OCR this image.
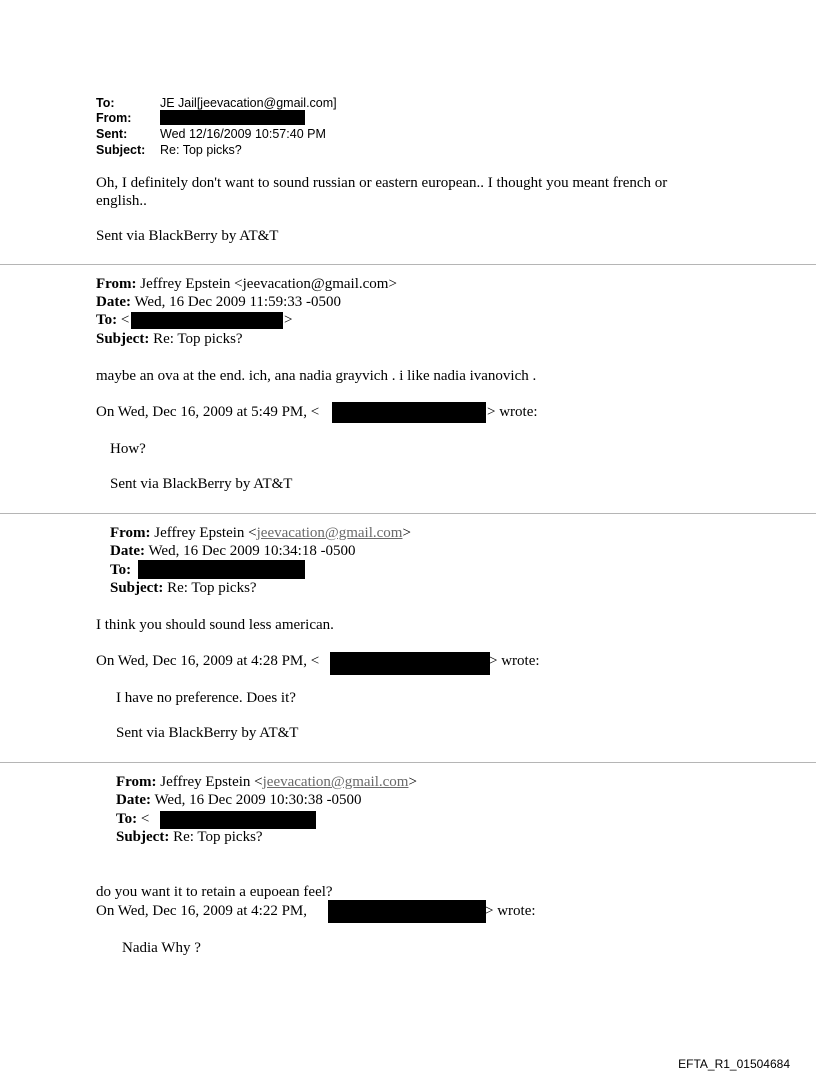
To:	JE Jail[jeevacation@gmail.com]
From:
Sent:	Wed 12/16/2009 10:57:40 PM
Subject: Re: Top picks?
Oh, I definitely don't want to sound russian or eastern european.. I thought you meant french or
english..
Sent via BlackBerry by AT&T
From: Jeffrey Epstein <jeevacation@gmail.com>
Date: Wed, 16 Dec 2009 11:59:33 -0500
To: <	>
Subject: Re: Top picks?
maybe an ova at the end. ich, ana nadia grayvich . i like nadia ivanovich .
On Wed, Dec 16, 2009 at 5:49 PM, <	> wrote:
How?
Sent via BlackBerry by AT&T
From: Jeffrey Epstein <jeevacation@gmail.com>
Date: Wed, 16 Dec 2009 10:34:18 -0500
To:
Subject: Re: Top picks?
I think you should sound less american.
On Wed, Dec 16, 2009 at 4:28 PM, <	> wrote:
I have no preference. Does it?
Sent via BlackBerry by AT&T
From: Jeffrey Epstein <jeevacation@gmail.com>
Date: Wed, 16 Dec 2009 10:30:38 -0500
To: <
Subject: Re: Top picks?
do you want it to retain a eupoean feel?
On Wed, Dec 16, 2009 at 4:22 PM,	> wrote:
Nadia Why ?
EFTA_R1_01504684
